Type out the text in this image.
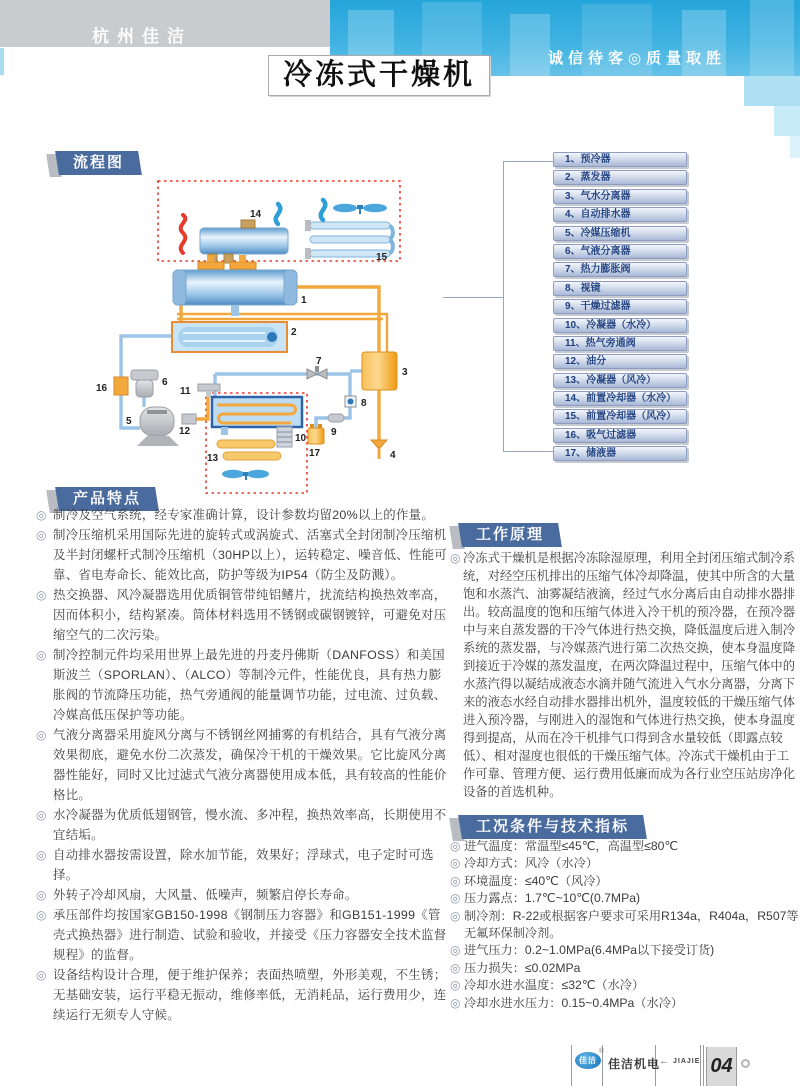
杭州佳洁
诚信待客◎质量取胜
冷冻式干燥机
流程图
1
2
3
4
5
6
7
8
9
10
11
12
13
14
15
16
17
1、预冷器
2、蒸发器
3、气水分离器
4、自动排水器
5、冷媒压缩机
6、气液分离器
7、热力膨胀阀
8、视镜
9、干燥过滤器
10、冷凝器（水冷）
11、热气旁通阀
12、油分
13、冷凝器（风冷）
14、前置冷却器（水冷）
15、前置冷却器（风冷）
16、吸气过滤器
17、储液器
产品特点
◎ 制冷及空气系统，经专家准确计算，设计参数均留20%以上的作量。
◎ 制冷压缩机采用国际先进的旋转式或涡旋式、活塞式全封闭制冷压缩机及半封闭螺杆式制冷压缩机（30HP以上），运转稳定、噪音低、性能可靠、省电寿命长、能效比高，防护等级为IP54（防尘及防溅）。
◎ 热交换器、风冷凝器选用优质铜管带纯铝鳍片，扰流结构换热效率高，因而体积小，结构紧凑。筒体材料选用不锈钢或碳钢镀锌，可避免对压缩空气的二次污染。
◎ 制冷控制元件均采用世界上最先进的丹麦丹佛斯（DANFOSS）和美国斯波兰（SPORLAN）、（ALCO）等制冷元件，性能优良，具有热力膨胀阀的节流降压功能，热气旁通阀的能量调节功能，过电流、过负载、冷媒高低压保护等功能。
◎ 气液分离器采用旋风分离与不锈钢丝网捕雾的有机结合，具有气液分离效果彻底，避免水份二次蒸发，确保冷干机的干燥效果。它比旋风分离器性能好，同时又比过滤式气液分离器使用成本低，具有较高的性能价格比。
◎ 水冷凝器为优质低翅钢管，慢水流、多冲程，换热效率高，长期使用不宜结垢。
◎ 自动排水器按需设置，除水加节能，效果好；浮球式，电子定时可选择。
◎ 外转子冷却风扇，大风量、低噪声，频繁启停长寿命。
◎ 承压部件均按国家GB150-1998《钢制压力容器》和GB151-1999《管壳式换热器》进行制造、试验和验收，并接受《压力容器安全技术监督规程》的监督。
◎ 设备结构设计合理，便于维护保养；表面热喷塑，外形美观，不生锈；无基础安装，运行平稳无振动，维修率低，无消耗品，运行费用少，连续运行无须专人守候。
工作原理
◎ 冷冻式干燥机是根据冷冻除湿原理，利用全封闭压缩式制冷系统，对经空压机排出的压缩气体冷却降温，使其中所含的大量饱和水蒸汽、油雾凝结液滴，经过气水分离后由自动排水器排出。较高温度的饱和压缩气体进入冷干机的预冷器，在预冷器中与来自蒸发器的干冷气体进行热交换，降低温度后进入制冷系统的蒸发器，与冷媒蒸汽进行第二次热交换，使本身温度降到接近于冷媒的蒸发温度，在两次降温过程中，压缩气体中的水蒸汽得以凝结成液态水滴并随气流进入气水分离器，分离下来的液态水经自动排水器排出机外，温度较低的干燥压缩气体进入预冷器，与刚进入的湿饱和气体进行热交换，使本身温度得到提高，从而在冷干机排气口得到含水量较低（即露点较低）、相对湿度也很低的干燥压缩气体。冷冻式干燥机由于工作可靠、管理方便、运行费用低廉而成为各行业空压站房净化设备的首选机种。
工况条件与技术指标
◎ 进气温度：常温型≤45℃，高温型≤80℃
◎ 冷却方式：风冷（水冷）
◎ 环境温度：≤40℃（风冷）
◎ 压力露点：1.7℃~10℃(0.7MPa)
◎ 制冷剂：R-22或根据客户要求可采用R134a，R404a，R507等无氟环保制冷剂。
◎ 进气压力：0.2~1.0MPa(6.4MPa以下接受订货)
◎ 压力损失：≤0.02MPa
◎ 冷却水进水温度：≤32℃（水冷）
◎ 冷却水进水压力：0.15~0.4MPa（水冷）
佳洁
®
佳洁机电
← JIAJIE 04
